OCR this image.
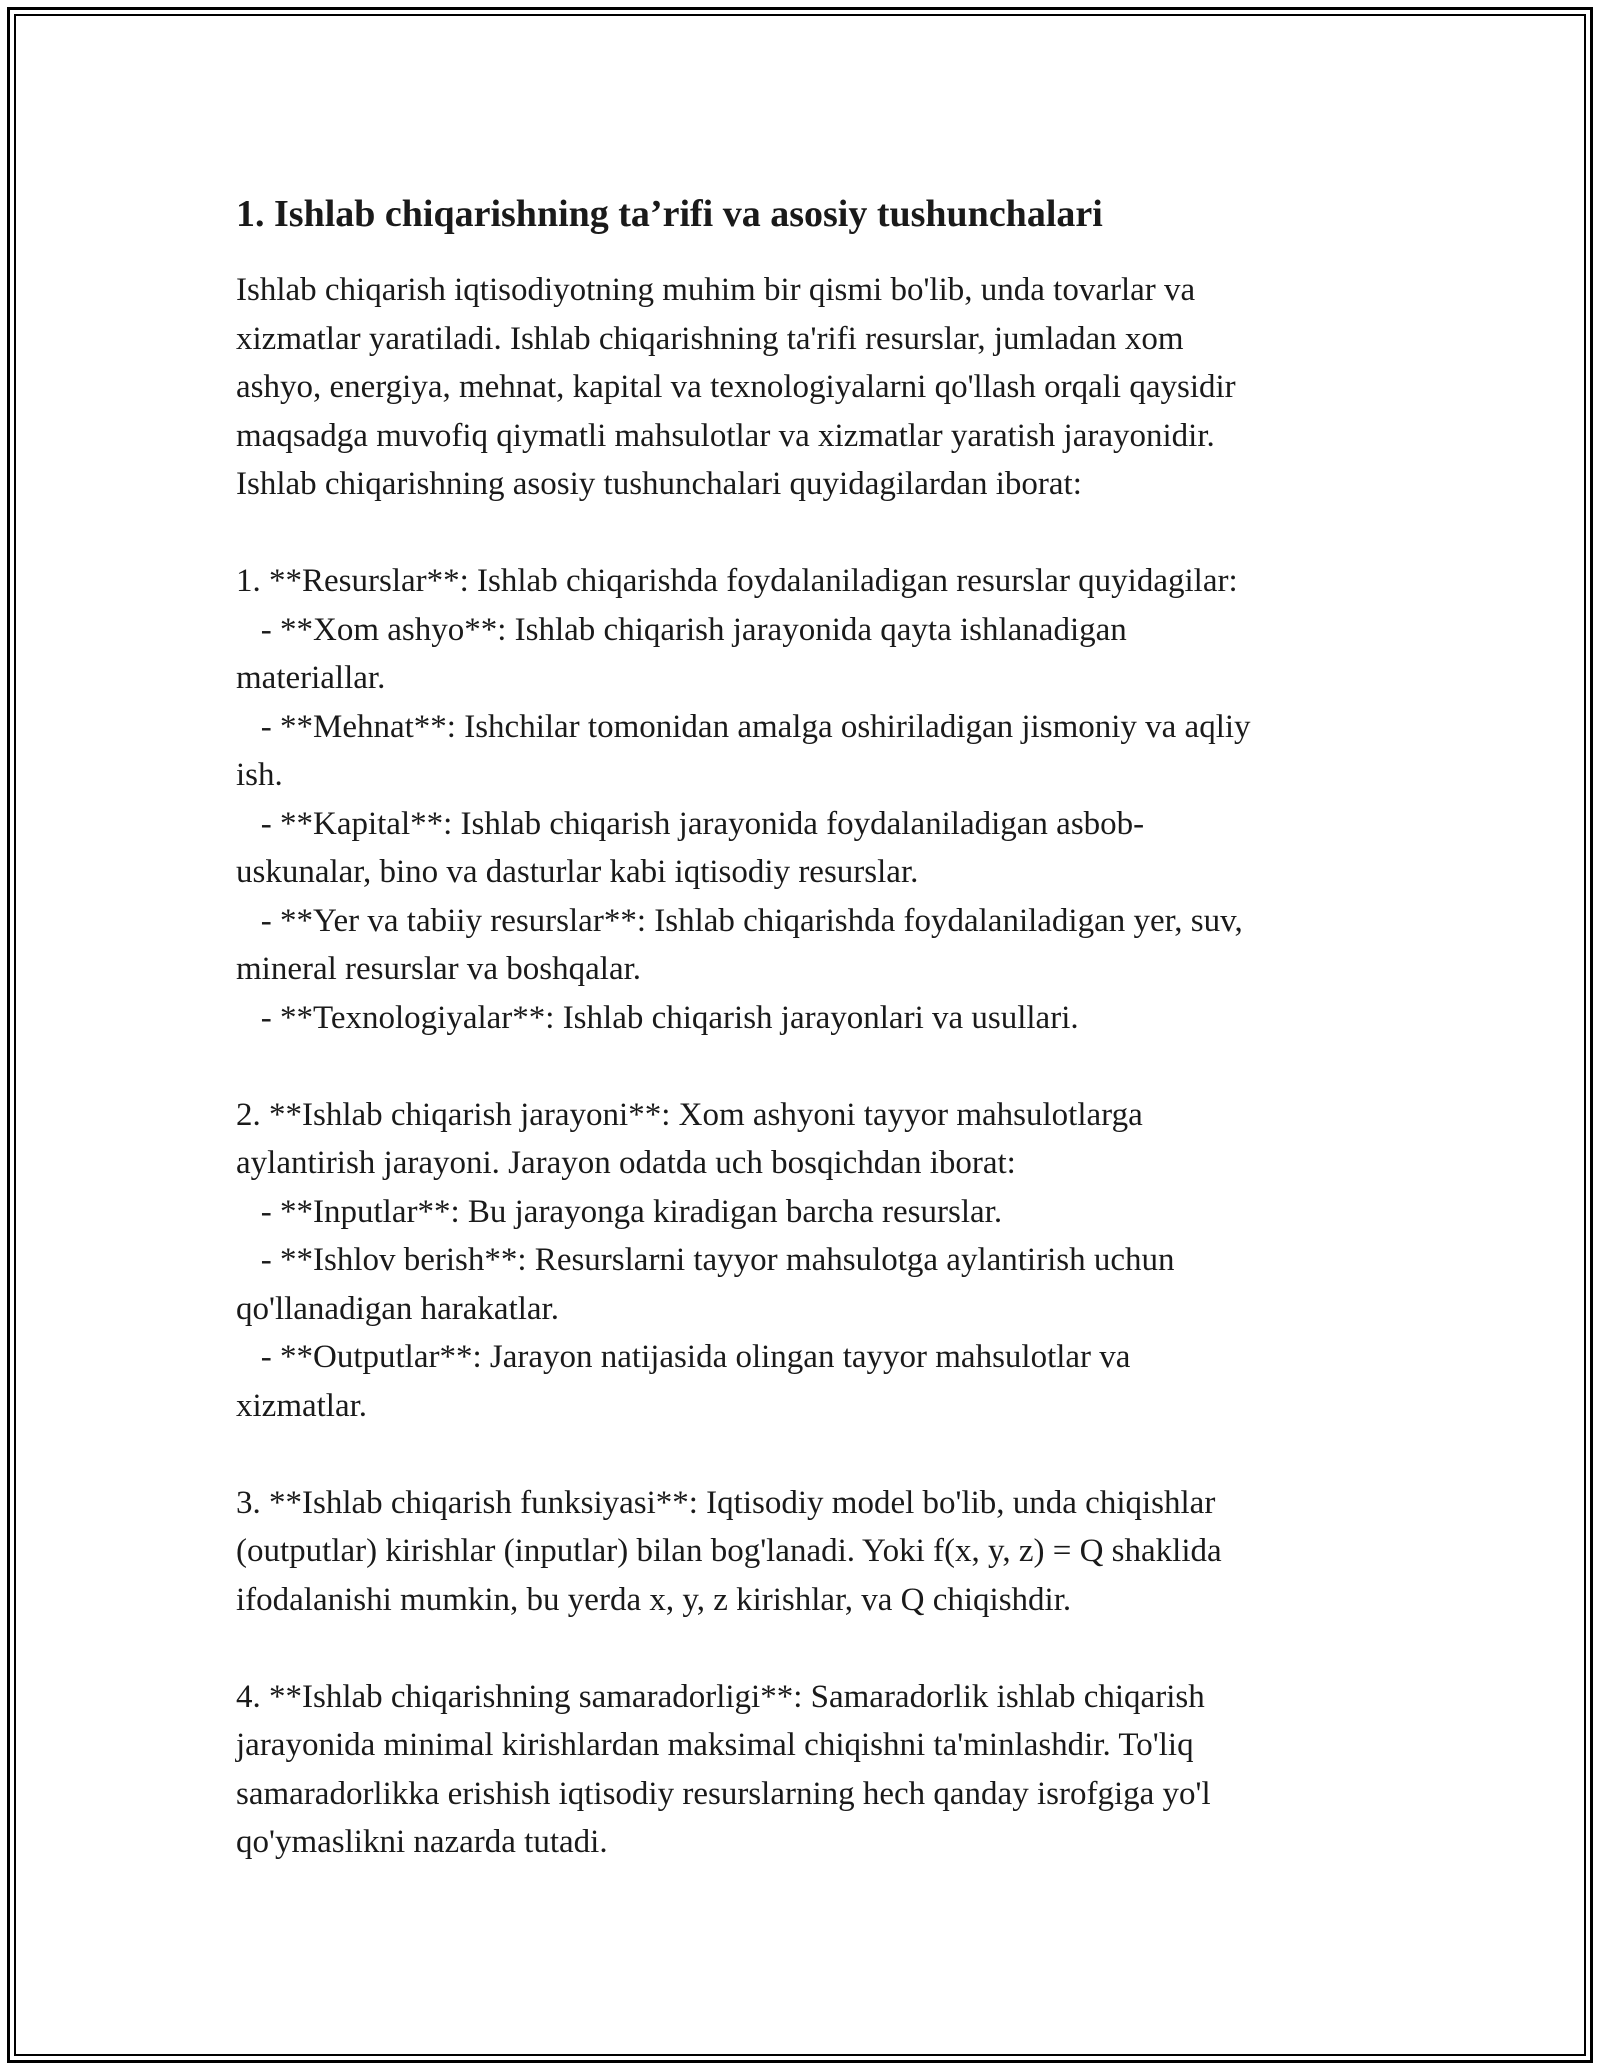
1. Ishlab chiqarishning ta’rifi va asosiy tushunchalari

Ishlab chiqarish iqtisodiyotning muhim bir qismi bo'lib, unda tovarlar va
xizmatlar yaratiladi. Ishlab chiqarishning ta'rifi resurslar, jumladan xom
ashyo, energiya, mehnat, kapital va texnologiyalarni qo'llash orqali qaysidir
maqsadga muvofiq qiymatli mahsulotlar va xizmatlar yaratish jarayonidir.
Ishlab chiqarishning asosiy tushunchalari quyidagilardan iborat:

1. **Resurslar**: Ishlab chiqarishda foydalaniladigan resurslar quyidagilar:
- **Xom ashyo**: Ishlab chiqarish jarayonida qayta ishlanadigan
materiallar.
- **Mehnat**: Ishchilar tomonidan amalga oshiriladigan jismoniy va aqliy
ish.
- **Kapital**: Ishlab chiqarish jarayonida foydalaniladigan asbob-
uskunalar, bino va dasturlar kabi iqtisodiy resurslar.
- **Yer va tabiiy resurslar**: Ishlab chiqarishda foydalaniladigan yer, suv,
mineral resurslar va boshqalar.
- **Texnologiyalar**: Ishlab chiqarish jarayonlari va usullari.

2. **Ishlab chiqarish jarayoni**: Xom ashyoni tayyor mahsulotlarga
aylantirish jarayoni. Jarayon odatda uch bosqichdan iborat:
- **Inputlar**: Bu jarayonga kiradigan barcha resurslar.
- **Ishlov berish**: Resurslarni tayyor mahsulotga aylantirish uchun
qo'llanadigan harakatlar.
- **Outputlar**: Jarayon natijasida olingan tayyor mahsulotlar va
xizmatlar.

3. **Ishlab chiqarish funksiyasi**: Iqtisodiy model bo'lib, unda chiqishlar
(outputlar) kirishlar (inputlar) bilan bog'lanadi. Yoki f(x, y, z) = Q shaklida
ifodalanishi mumkin, bu yerda x, y, z kirishlar, va Q chiqishdir.

4. **Ishlab chiqarishning samaradorligi**: Samaradorlik ishlab chiqarish
jarayonida minimal kirishlardan maksimal chiqishni ta'minlashdir. To'liq
samaradorlikka erishish iqtisodiy resurslarning hech qanday isrofgiga yo'l
qo'ymaslikni nazarda tutadi.
